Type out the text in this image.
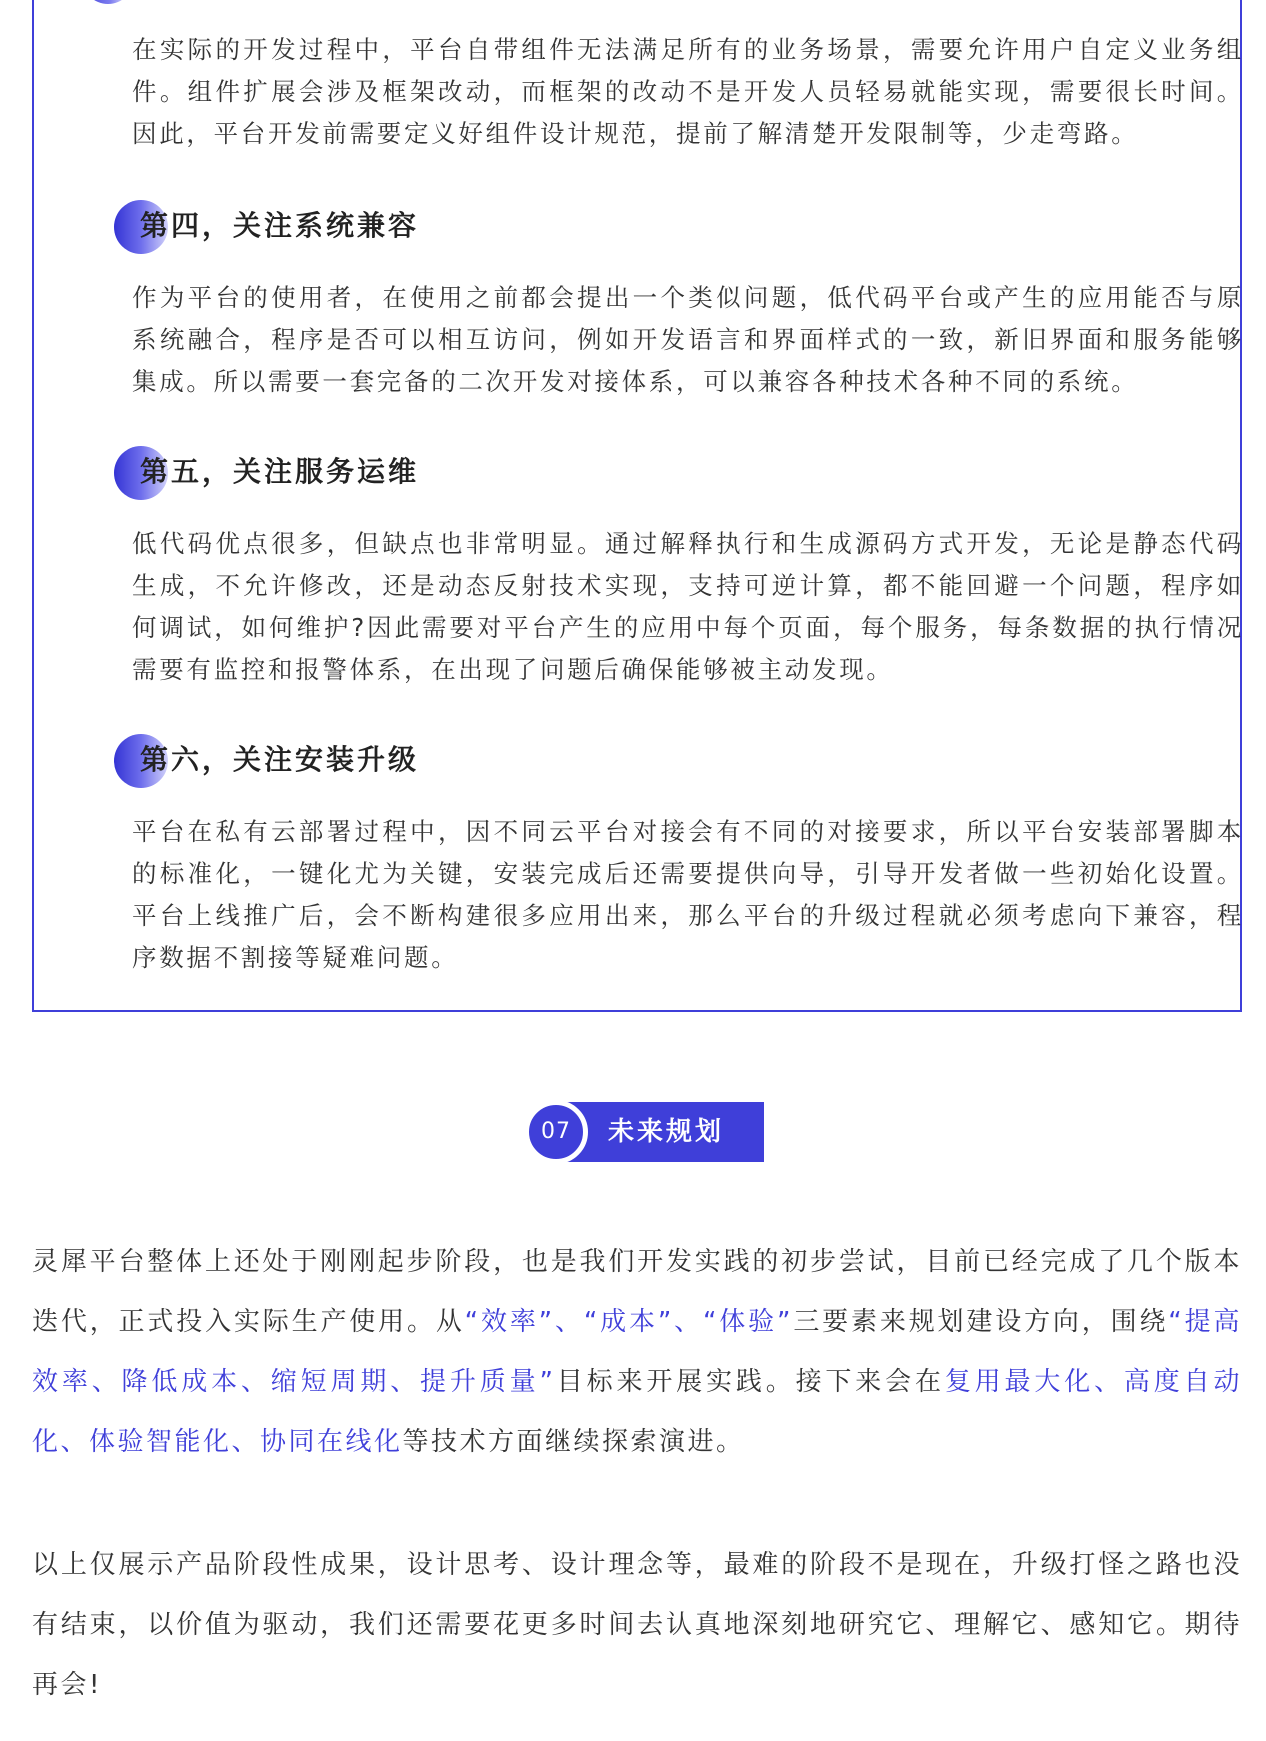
在实际的开发过程中，平台自带组件无法满足所有的业务场景，需要允许用户自定义业务组件。组件扩展会涉及框架改动，而框架的改动不是开发人员轻易就能实现，需要很长时间。因此，平台开发前需要定义好组件设计规范，提前了解清楚开发限制等，少走弯路。

第四，关注系统兼容

作为平台的使用者，在使用之前都会提出一个类似问题，低代码平台或产生的应用能否与原系统融合，程序是否可以相互访问，例如开发语言和界面样式的一致，新旧界面和服务能够集成。所以需要一套完备的二次开发对接体系，可以兼容各种技术各种不同的系统。

第五，关注服务运维

低代码优点很多，但缺点也非常明显。通过解释执行和生成源码方式开发，无论是静态代码生成，不允许修改，还是动态反射技术实现，支持可逆计算，都不能回避一个问题，程序如何调试，如何维护?因此需要对平台产生的应用中每个页面，每个服务，每条数据的执行情况需要有监控和报警体系，在出现了问题后确保能够被主动发现。

第六，关注安装升级

平台在私有云部署过程中，因不同云平台对接会有不同的对接要求，所以平台安装部署脚本的标准化，一键化尤为关键，安装完成后还需要提供向导，引导开发者做一些初始化设置。平台上线推广后，会不断构建很多应用出来，那么平台的升级过程就必须考虑向下兼容，程序数据不割接等疑难问题。

未来规划
07

灵犀平台整体上还处于刚刚起步阶段，也是我们开发实践的初步尝试，目前已经完成了几个版本迭代，正式投入实际生产使用。从“效率”、“成本”、“体验”三要素来规划建设方向，围绕“提高效率、降低成本、缩短周期、提升质量”目标来开展实践。接下来会在复用最大化、高度自动化、体验智能化、协同在线化等技术方面继续探索演进。

以上仅展示产品阶段性成果，设计思考、设计理念等，最难的阶段不是现在，升级打怪之路也没有结束，以价值为驱动，我们还需要花更多时间去认真地深刻地研究它、理解它、感知它。期待再会!
